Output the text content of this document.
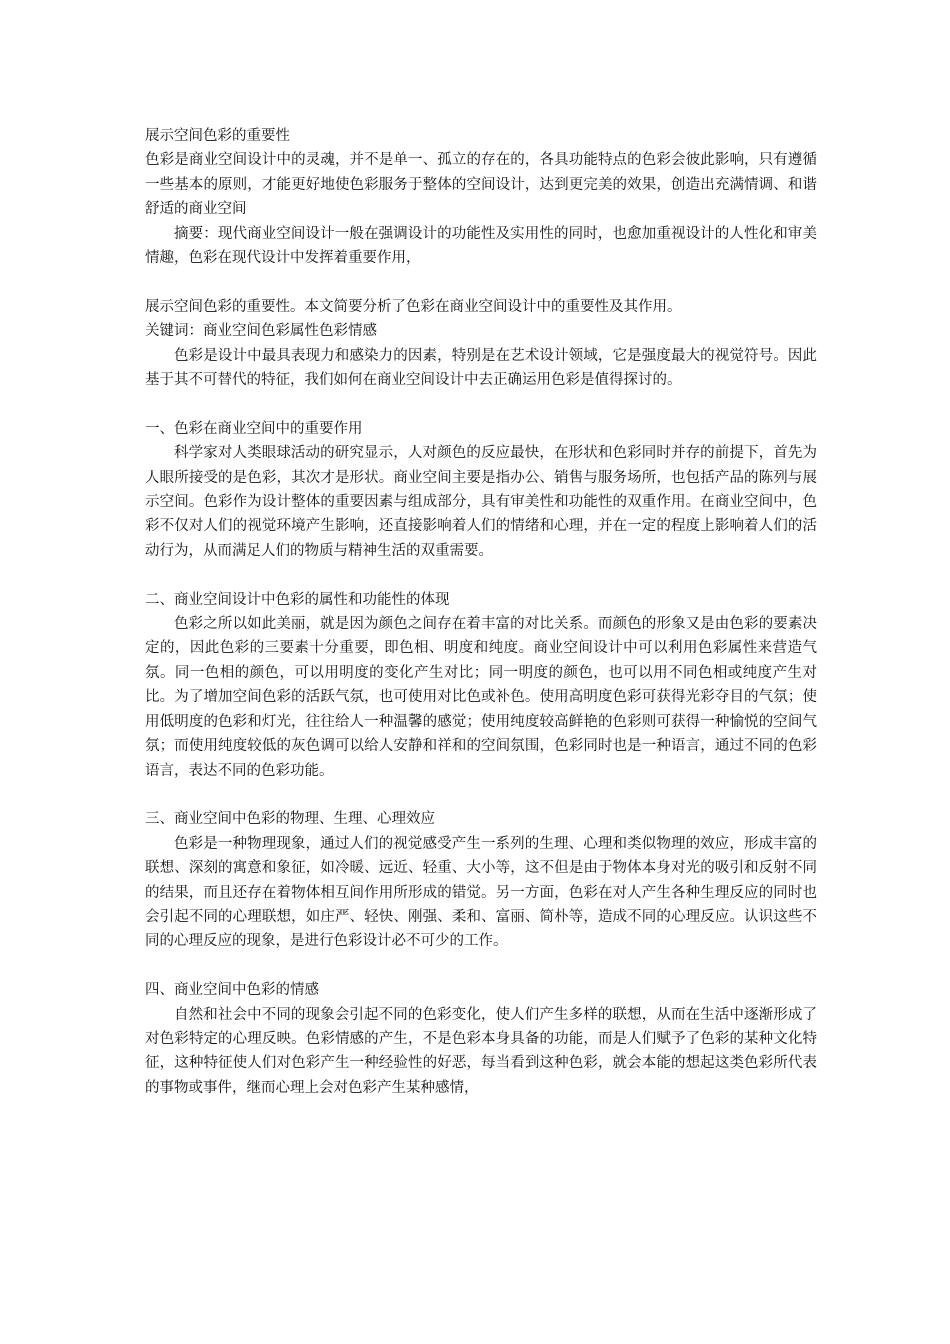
展示空间色彩的重要性

色彩是商业空间设计中的灵魂，并不是单一、孤立的存在的，各具功能特点的色彩会彼此影响，只有遵循一些基本的原则，才能更好地使色彩服务于整体的空间设计，达到更完美的效果，创造出充满情调、和谐舒适的商业空间

摘要：现代商业空间设计一般在强调设计的功能性及实用性的同时，也愈加重视设计的人性化和审美情趣，色彩在现代设计中发挥着重要作用，

展示空间色彩的重要性。本文简要分析了色彩在商业空间设计中的重要性及其作用。

关键词：商业空间色彩属性色彩情感

色彩是设计中最具表现力和感染力的因素，特别是在艺术设计领域，它是强度最大的视觉符号。因此基于其不可替代的特征，我们如何在商业空间设计中去正确运用色彩是值得探讨的。

一、色彩在商业空间中的重要作用

科学家对人类眼球活动的研究显示，人对颜色的反应最快，在形状和色彩同时并存的前提下，首先为人眼所接受的是色彩，其次才是形状。商业空间主要是指办公、销售与服务场所，也包括产品的陈列与展示空间。色彩作为设计整体的重要因素与组成部分，具有审美性和功能性的双重作用。在商业空间中，色彩不仅对人们的视觉环境产生影响，还直接影响着人们的情绪和心理，并在一定的程度上影响着人们的活动行为，从而满足人们的物质与精神生活的双重需要。

二、商业空间设计中色彩的属性和功能性的体现

色彩之所以如此美丽，就是因为颜色之间存在着丰富的对比关系。而颜色的形象又是由色彩的要素决定的，因此色彩的三要素十分重要，即色相、明度和纯度。商业空间设计中可以利用色彩属性来营造气氛。同一色相的颜色，可以用明度的变化产生对比；同一明度的颜色，也可以用不同色相或纯度产生对比。为了增加空间色彩的活跃气氛，也可使用对比色或补色。使用高明度色彩可获得光彩夺目的气氛；使用低明度的色彩和灯光，往往给人一种温馨的感觉；使用纯度较高鲜艳的色彩则可获得一种愉悦的空间气氛；而使用纯度较低的灰色调可以给人安静和祥和的空间氛围，色彩同时也是一种语言，通过不同的色彩语言，表达不同的色彩功能。

三、商业空间中色彩的物理、生理、心理效应

色彩是一种物理现象，通过人们的视觉感受产生一系列的生理、心理和类似物理的效应，形成丰富的联想、深刻的寓意和象征，如冷暖、远近、轻重、大小等，这不但是由于物体本身对光的吸引和反射不同的结果，而且还存在着物体相互间作用所形成的错觉。另一方面，色彩在对人产生各种生理反应的同时也会引起不同的心理联想，如庄严、轻快、刚强、柔和、富丽、简朴等，造成不同的心理反应。认识这些不同的心理反应的现象，是进行色彩设计必不可少的工作。

四、商业空间中色彩的情感

自然和社会中不同的现象会引起不同的色彩变化，使人们产生多样的联想，从而在生活中逐渐形成了对色彩特定的心理反映。色彩情感的产生，不是色彩本身具备的功能，而是人们赋予了色彩的某种文化特征，这种特征使人们对色彩产生一种经验性的好恶，每当看到这种色彩，就会本能的想起这类色彩所代表的事物或事件，继而心理上会对色彩产生某种感情，
